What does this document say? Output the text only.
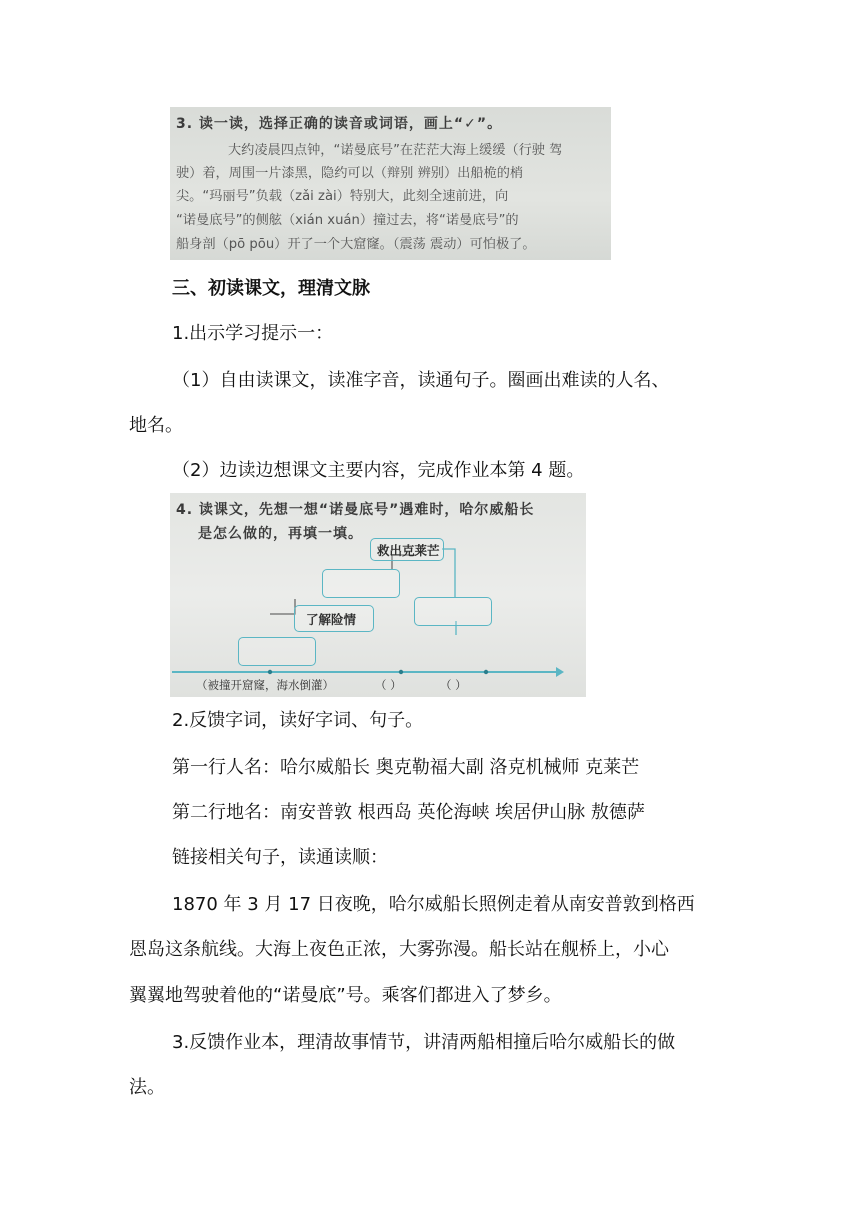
3. 读一读，选择正确的读音或词语，画上“✓”。
大约凌晨四点钟，“诺曼底号”在茫茫大海上缓缓（行驶 驾
驶）着，周围一片漆黑，隐约可以（辩别 辨别）出船桅的梢
尖。“玛丽号”负载（zǎi zài）特别大，此刻全速前进，向
“诺曼底号”的侧舷（xián xuán）撞过去，将“诺曼底号”的
船身剖（pō pōu）开了一个大窟窿。（震荡 震动）可怕极了。
三、初读课文，理清文脉
1.出示学习提示一：
（1）自由读课文，读准字音，读通句子。圈画出难读的人名、
地名。
（2）边读边想课文主要内容，完成作业本第 4 题。
4. 读课文，先想一想“诺曼底号”遇难时，哈尔威船长
是怎么做的，再填一填。
救出克莱芒
了解险情
（被撞开窟窿，海水倒灌）	（ ）	（ ）
2.反馈字词，读好字词、句子。
第一行人名：哈尔威船长 奥克勒福大副 洛克机械师 克莱芒
第二行地名：南安普敦 根西岛 英伦海峡 埃居伊山脉 敖德萨
链接相关句子，读通读顺：
1870 年 3 月 17 日夜晚，哈尔威船长照例走着从南安普敦到格西
恩岛这条航线。大海上夜色正浓，大雾弥漫。船长站在舰桥上，小心
翼翼地驾驶着他的“诺曼底”号。乘客们都进入了梦乡。
3.反馈作业本，理清故事情节，讲清两船相撞后哈尔威船长的做
法。
